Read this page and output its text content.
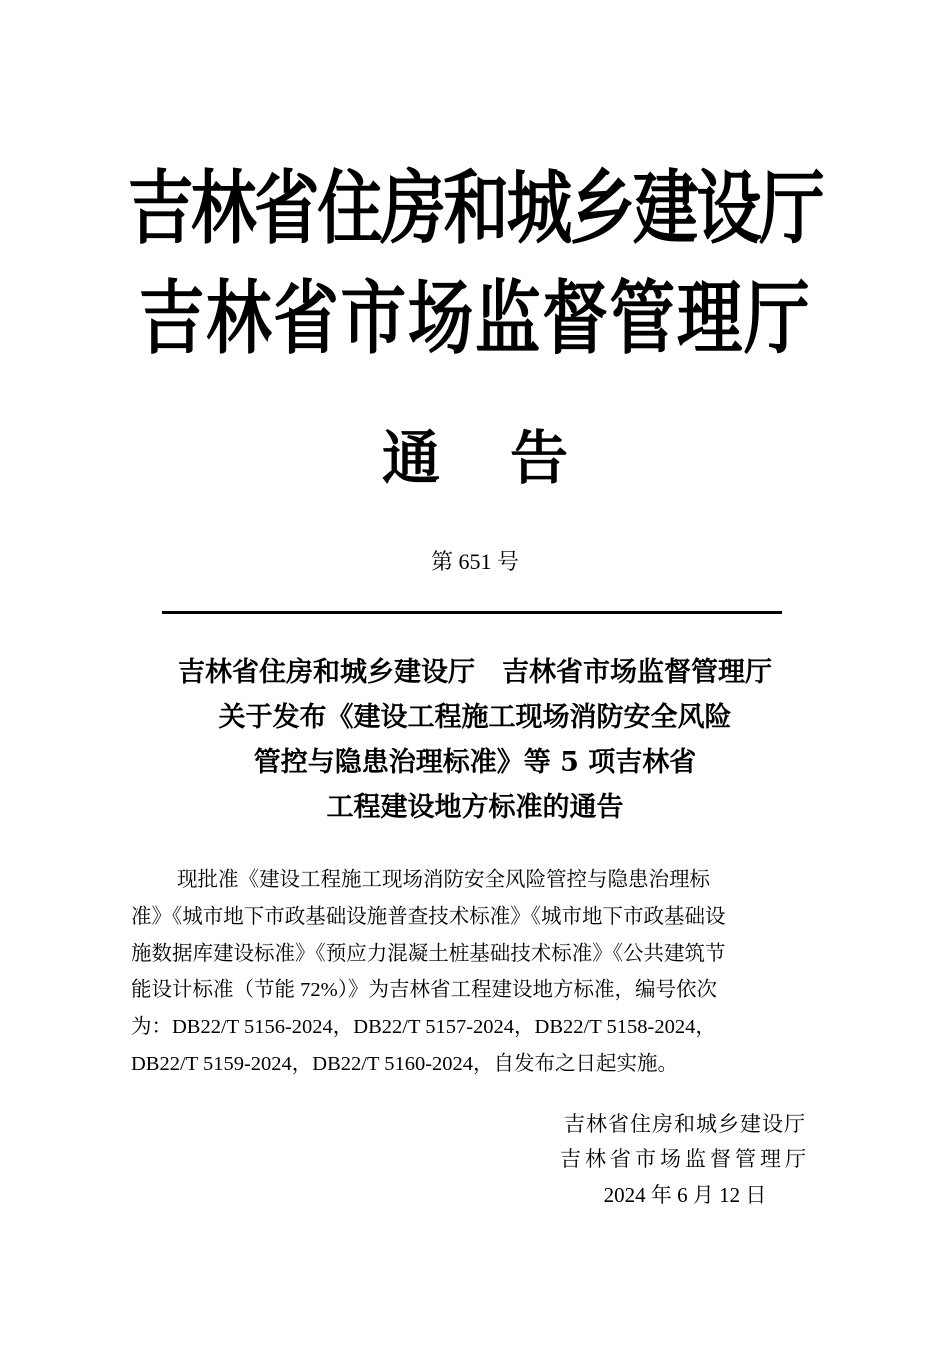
吉林省住房和城乡建设厅
吉林省市场监督管理厅
通告
第 651 号
吉林省住房和城乡建设厅　吉林省市场监督管理厅
关于发布《建设工程施工现场消防安全风险
管控与隐患治理标准》等 5 项吉林省
工程建设地方标准的通告
现批准《建设工程施工现场消防安全风险管控与隐患治理标
准》《城市地下市政基础设施普查技术标准》《城市地下市政基础设
施数据库建设标准》《预应力混凝土桩基础技术标准》《公共建筑节
能设计标准（节能 72%）》为吉林省工程建设地方标准，编号依次
为：DB22/T 5156-2024，DB22/T 5157-2024，DB22/T 5158-2024，
DB22/T 5159-2024，DB22/T 5160-2024，自发布之日起实施。
吉林省住房和城乡建设厅
吉林省市场监督管理厅
2024 年 6 月 12 日
